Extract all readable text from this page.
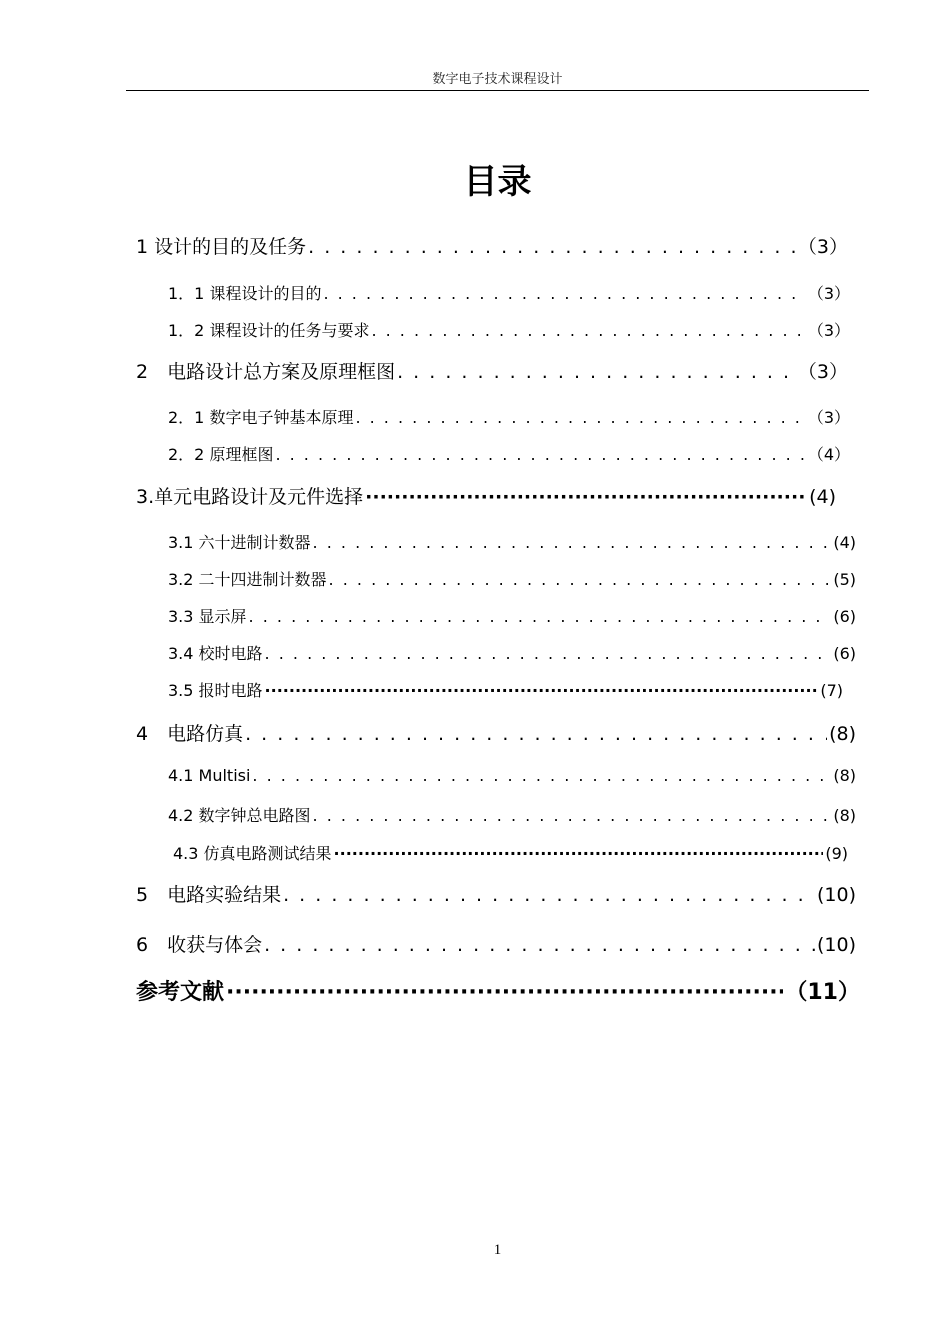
数字电子技术课程设计
目录
1 设计的目的及任务 . . .	（3）
1．1 课程设计的目的 . . .	（3）
1．2 课程设计的任务与要求 . . .	（3）
2　电路设计总方案及原理框图 . . .	（3）
2．1 数字电子钟基本原理 . . .	（3）
2．2 原理框图 . . .	（4）
3.单元电路设计及元件选择 ·····	(4)
3.1 六十进制计数器 . . .	(4)
3.2 二十四进制计数器 . . .	(5)
3.3 显示屏 . . .	(6)
3.4 校时电路 . . .	(6)
3.5 报时电路 ·····	(7)
4　电路仿真 . . .	(8)
4.1 Multisi . . .	(8)
4.2 数字钟总电路图 . . .	(8)
4.3 仿真电路测试结果 ·····	(9)
5　电路实验结果 . . .	(10)
6　收获与体会 . . .	(10)
参考文献 ·····	（11）
1
